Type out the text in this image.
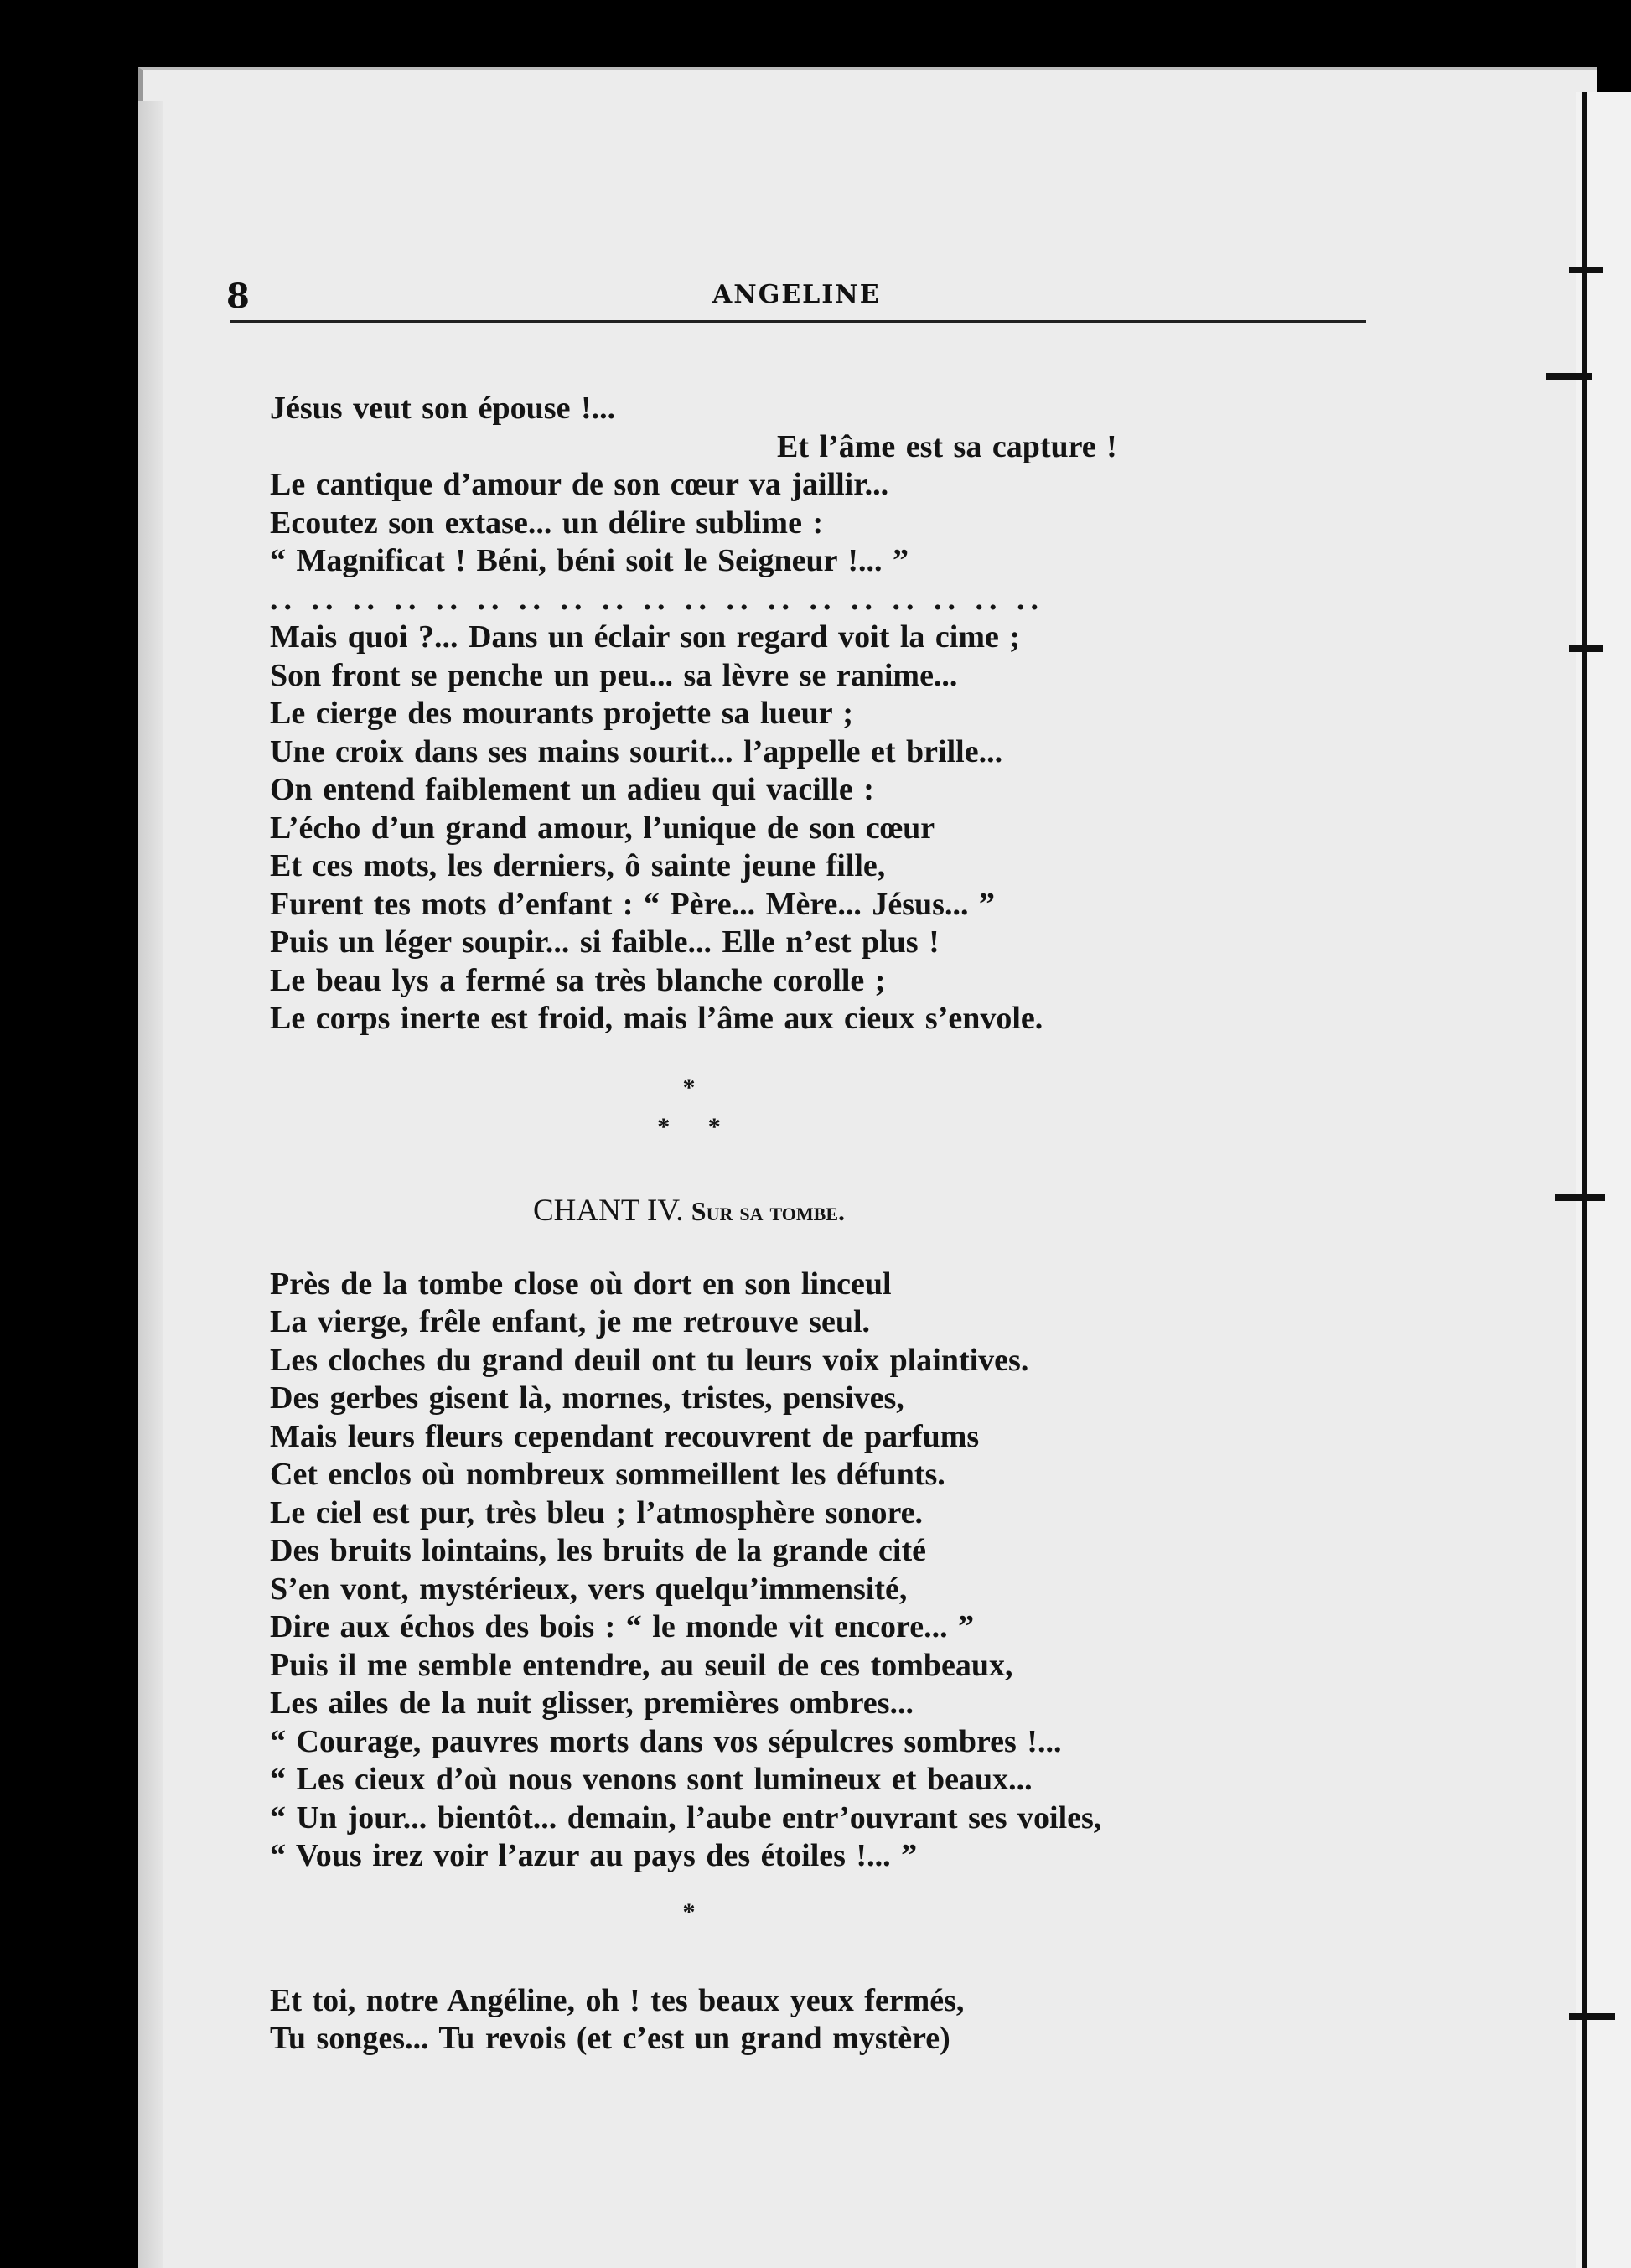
8	ANGELINE
Jésus veut son épouse !...
Et l’âme est sa capture !
Le cantique d’amour de son cœur va jaillir...
Ecoutez son extase... un délire sublime :
“ Magnificat ! Béni, béni soit le Seigneur !... ”
.. .. .. .. .. .. .. .. .. .. .. .. .. .. .. .. .. .. ..
Mais quoi ?... Dans un éclair son regard voit la cime ;
Son front se penche un peu... sa lèvre se ranime...
Le cierge des mourants projette sa lueur ;
Une croix dans ses mains sourit... l’appelle et brille...
On entend faiblement un adieu qui vacille :
L’écho d’un grand amour, l’unique de son cœur
Et ces mots, les derniers, ô sainte jeune fille,
Furent tes mots d’enfant : “ Père... Mère... Jésus... ”
Puis un léger soupir... si faible... Elle n’est plus !
Le beau lys a fermé sa très blanche corolle ;
Le corps inerte est froid, mais l’âme aux cieux s’envole.
*
* *
CHANT IV. Sur sa tombe.
Près de la tombe close où dort en son linceul
La vierge, frêle enfant, je me retrouve seul.
Les cloches du grand deuil ont tu leurs voix plaintives.
Des gerbes gisent là, mornes, tristes, pensives,
Mais leurs fleurs cependant recouvrent de parfums
Cet enclos où nombreux sommeillent les défunts.
Le ciel est pur, très bleu ; l’atmosphère sonore.
Des bruits lointains, les bruits de la grande cité
S’en vont, mystérieux, vers quelqu’immensité,
Dire aux échos des bois : “ le monde vit encore... ”
Puis il me semble entendre, au seuil de ces tombeaux,
Les ailes de la nuit glisser, premières ombres...
“ Courage, pauvres morts dans vos sépulcres sombres !...
“ Les cieux d’où nous venons sont lumineux et beaux...
“ Un jour... bientôt... demain, l’aube entr’ouvrant ses voiles,
“ Vous irez voir l’azur au pays des étoiles !... ”
*
Et toi, notre Angéline, oh ! tes beaux yeux fermés,
Tu songes... Tu revois (et c’est un grand mystère)
